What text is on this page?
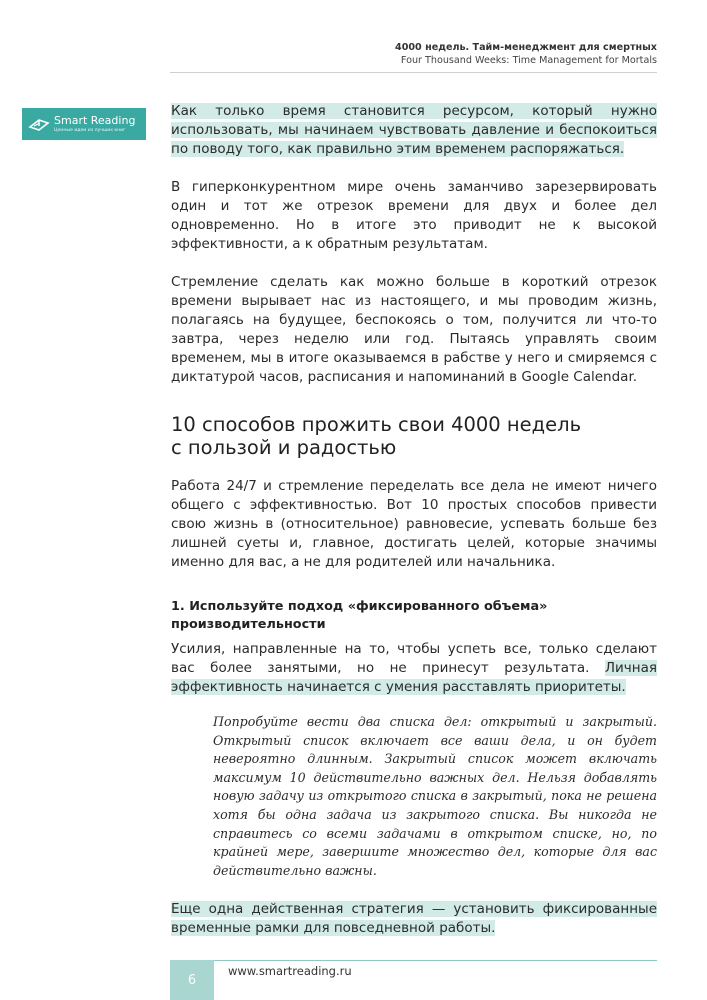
4000 недель. Тайм-менеджмент для смертных
Four Thousand Weeks: Time Management for Mortals
Smart Reading
Ценные идеи из лучших книг

Как только время становится ресурсом, который нужно использовать, мы начинаем чувствовать давление и беспокоиться по поводу того, как правильно этим временем распоряжаться.

В гиперконкурентном мире очень заманчиво зарезервировать один и тот же отрезок времени для двух и более дел одновременно. Но в итоге это приводит не к высокой эффективности, а к обратным результатам.

Стремление сделать как можно больше в короткий отрезок времени вырывает нас из настоящего, и мы проводим жизнь, полагаясь на будущее, беспокоясь о том, получится ли что-то завтра, через неделю или год. Пытаясь управлять своим временем, мы в итоге оказываемся в рабстве у него и смиряемся с диктатурой часов, расписания и напоминаний в Google Calendar.

10 способов прожить свои 4000 недель
с пользой и радостью

Работа 24/7 и стремление переделать все дела не имеют ничего общего с эффективностью. Вот 10 простых способов привести свою жизнь в (относительное) равновесие, успевать больше без лишней суеты и, главное, достигать целей, которые значимы именно для вас, а не для родителей или начальника.

1. Используйте подход «фиксированного объема»
производительности

Усилия, направленные на то, чтобы успеть все, только сделают вас более занятыми, но не принесут результата. Личная эффективность начинается с умения расставлять приоритеты.

Попробуйте вести два списка дел: открытый и закрытый. Открытый список включает все ваши дела, и он будет невероятно длинным. Закрытый список может включать максимум 10 действительно важных дел. Нельзя добавлять новую задачу из открытого списка в закрытый, пока не решена хотя бы одна задача из закрытого списка. Вы никогда не справитесь со всеми задачами в открытом списке, но, по крайней мере, завершите множество дел, которые для вас действительно важны.

Еще одна действенная стратегия — установить фиксированные временные рамки для повседневной работы.

6
www.smartreading.ru
